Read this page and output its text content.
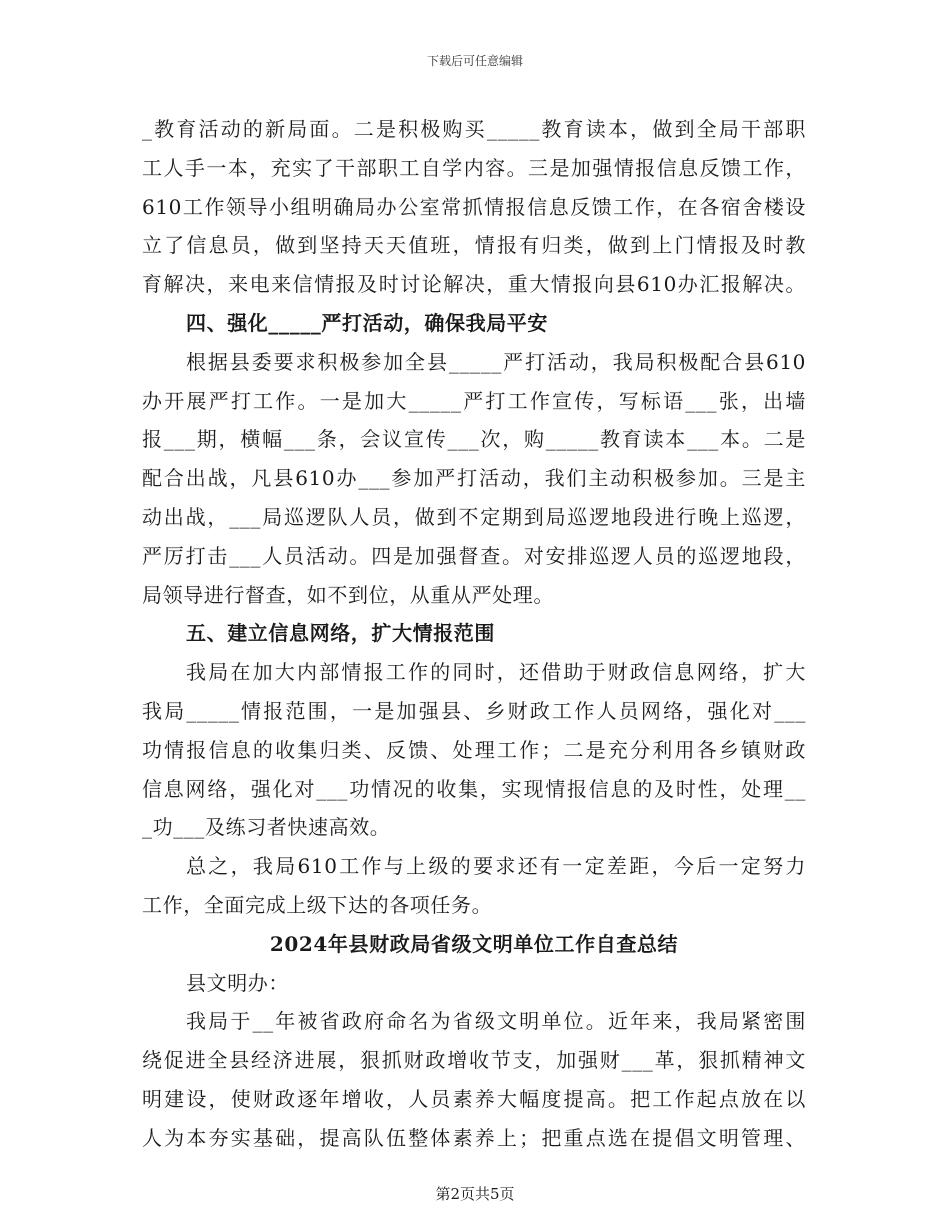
下载后可任意编辑
_教育活动的新局面。二是积极购买_____教育读本，做到全局干部职
工人手一本，充实了干部职工自学内容。三是加强情报信息反馈工作，
610工作领导小组明确局办公室常抓情报信息反馈工作，在各宿舍楼设
立了信息员，做到坚持天天值班，情报有归类，做到上门情报及时教
育解决，来电来信情报及时讨论解决，重大情报向县610办汇报解决。
四、强化_____严打活动，确保我局平安
根据县委要求积极参加全县_____严打活动，我局积极配合县610
办开展严打工作。一是加大_____严打工作宣传，写标语___张，出墙
报___期，横幅___条，会议宣传___次，购_____教育读本___本。二是
配合出战，凡县610办___参加严打活动，我们主动积极参加。三是主
动出战，___局巡逻队人员，做到不定期到局巡逻地段进行晚上巡逻，
严厉打击___人员活动。四是加强督查。对安排巡逻人员的巡逻地段，
局领导进行督查，如不到位，从重从严处理。
五、建立信息网络，扩大情报范围
我局在加大内部情报工作的同时，还借助于财政信息网络，扩大
我局_____情报范围，一是加强县、乡财政工作人员网络，强化对___
功情报信息的收集归类、反馈、处理工作；二是充分利用各乡镇财政
信息网络，强化对___功情况的收集，实现情报信息的及时性，处理__
_功___及练习者快速高效。
总之，我局610工作与上级的要求还有一定差距，今后一定努力
工作，全面完成上级下达的各项任务。
2024年县财政局省级文明单位工作自查总结
县文明办：
我局于__年被省政府命名为省级文明单位。近年来，我局紧密围
绕促进全县经济进展，狠抓财政增收节支，加强财___革，狠抓精神文
明建设，使财政逐年增收，人员素养大幅度提高。把工作起点放在以
人为本夯实基础，提高队伍整体素养上；把重点选在提倡文明管理、
第2页共5页
